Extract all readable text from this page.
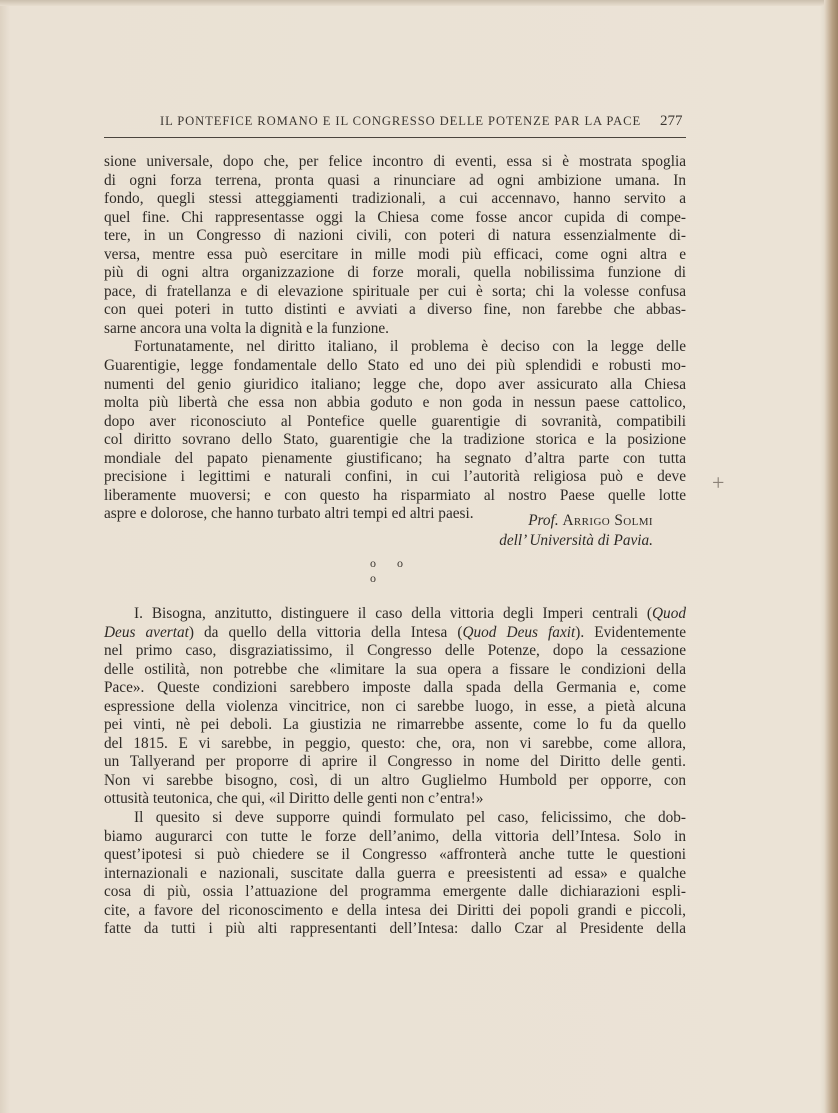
IL PONTEFICE ROMANO E IL CONGRESSO DELLE POTENZE PAR LA PACE 277
sione universale, dopo che, per felice incontro di eventi, essa si è mostrata spoglia
di ogni forza terrena, pronta quasi a rinunciare ad ogni ambizione umana. In
fondo, quegli stessi atteggiamenti tradizionali, a cui accennavo, hanno servito a
quel fine. Chi rappresentasse oggi la Chiesa come fosse ancor cupida di compe-
tere, in un Congresso di nazioni civili, con poteri di natura essenzialmente di-
versa, mentre essa può esercitare in mille modi più efficaci, come ogni altra e
più di ogni altra organizzazione di forze morali, quella nobilissima funzione di
pace, di fratellanza e di elevazione spirituale per cui è sorta; chi la volesse confusa
con quei poteri in tutto distinti e avviati a diverso fine, non farebbe che abbas-
sarne ancora una volta la dignità e la funzione.
Fortunatamente, nel diritto italiano, il problema è deciso con la legge delle
Guarentigie, legge fondamentale dello Stato ed uno dei più splendidi e robusti mo-
numenti del genio giuridico italiano; legge che, dopo aver assicurato alla Chiesa
molta più libertà che essa non abbia goduto e non goda in nessun paese cattolico,
dopo aver riconosciuto al Pontefice quelle guarentigie di sovranità, compatibili
col diritto sovrano dello Stato, guarentigie che la tradizione storica e la posizione
mondiale del papato pienamente giustificano; ha segnato d’altra parte con tutta
precisione i legittimi e naturali confini, in cui l’autorità religiosa può e deve
liberamente muoversi; e con questo ha risparmiato al nostro Paese quelle lotte
aspre e dolorose, che hanno turbato altri tempi ed altri paesi.
+
Prof. Arrigo Solmi
dell’ Università di Pavia.
o o o
I. Bisogna, anzitutto, distinguere il caso della vittoria degli Imperi centrali (Quod
Deus avertat) da quello della vittoria della Intesa (Quod Deus faxit). Evidentemente
nel primo caso, disgraziatissimo, il Congresso delle Potenze, dopo la cessazione
delle ostilità, non potrebbe che «limitare la sua opera a fissare le condizioni della
Pace». Queste condizioni sarebbero imposte dalla spada della Germania e, come
espressione della violenza vincitrice, non ci sarebbe luogo, in esse, a pietà alcuna
pei vinti, nè pei deboli. La giustizia ne rimarrebbe assente, come lo fu da quello
del 1815. E vi sarebbe, in peggio, questo: che, ora, non vi sarebbe, come allora,
un Tallyerand per proporre di aprire il Congresso in nome del Diritto delle genti.
Non vi sarebbe bisogno, così, di un altro Guglielmo Humbold per opporre, con
ottusità teutonica, che qui, «il Diritto delle genti non c’entra!»
Il quesito si deve supporre quindi formulato pel caso, felicissimo, che dob-
biamo augurarci con tutte le forze dell’animo, della vittoria dell’Intesa. Solo in
quest’ipotesi si può chiedere se il Congresso «affronterà anche tutte le questioni
internazionali e nazionali, suscitate dalla guerra e preesistenti ad essa» e qualche
cosa di più, ossia l’attuazione del programma emergente dalle dichiarazioni espli-
cite, a favore del riconoscimento e della intesa dei Diritti dei popoli grandi e piccoli,
fatte da tutti i più alti rappresentanti dell’Intesa: dallo Czar al Presidente della
